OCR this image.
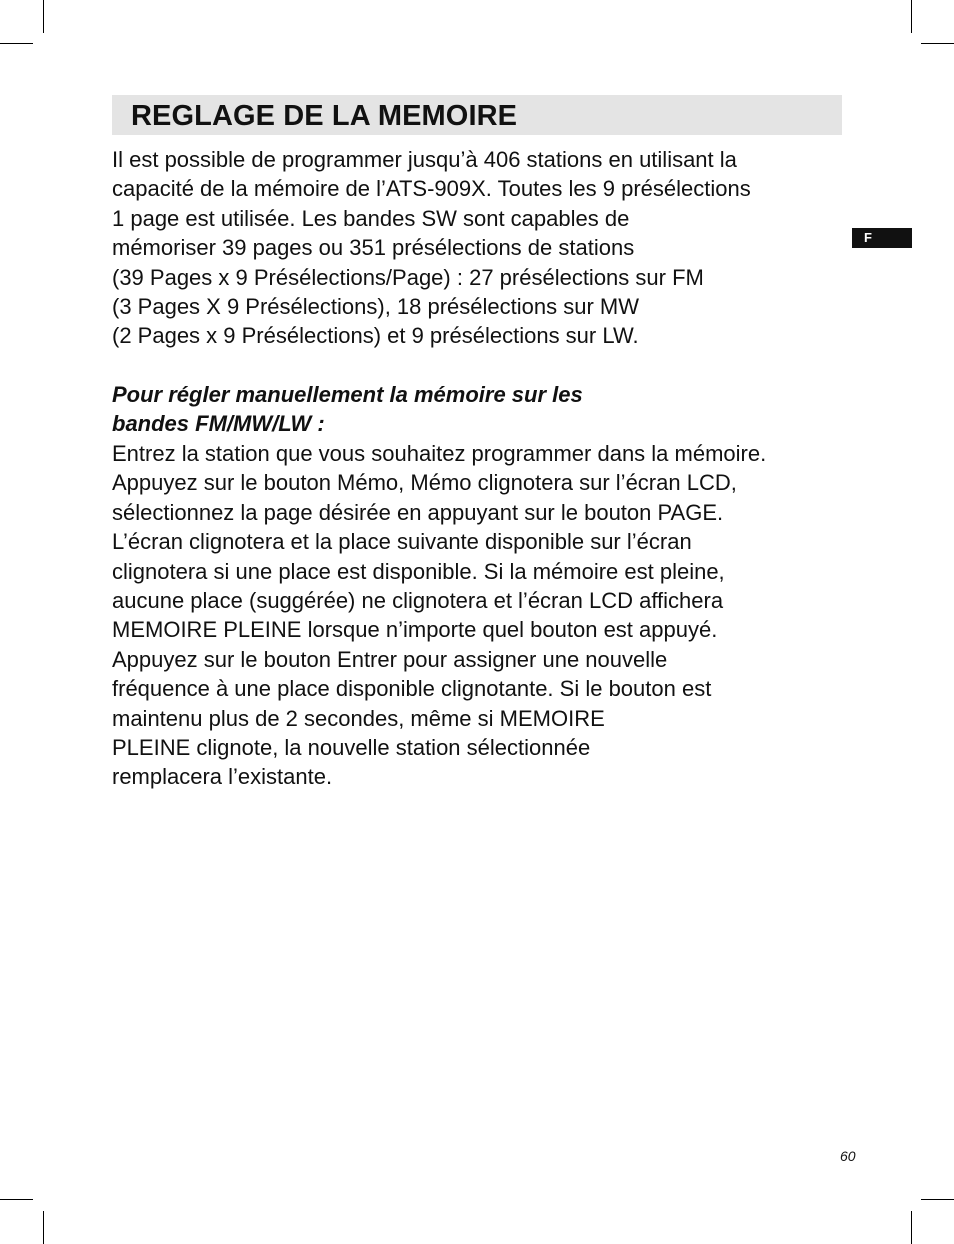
REGLAGE DE LA MEMOIRE
F
Il est possible de programmer jusqu’à 406 stations en utilisant la
capacité de la mémoire de l’ATS-909X. Toutes les 9 présélections
1 page est utilisée. Les bandes SW sont capables de
mémoriser 39 pages ou 351 présélections de stations
(39 Pages x 9 Présélections/Page) : 27 présélections sur FM
(3 Pages X 9 Présélections), 18 présélections sur MW
(2 Pages x 9 Présélections) et 9 présélections sur LW.
Pour régler manuellement la mémoire sur les
bandes FM/MW/LW :
Entrez la station que vous souhaitez programmer dans la mémoire.
Appuyez sur le bouton Mémo, Mémo clignotera sur l’écran LCD,
sélectionnez la page désirée en appuyant sur le bouton PAGE.
L’écran clignotera et la place suivante disponible sur l’écran
clignotera si une place est disponible. Si la mémoire est pleine,
aucune place (suggérée) ne clignotera et l’écran LCD affichera
MEMOIRE PLEINE lorsque n’importe quel bouton est appuyé.
Appuyez sur le bouton Entrer pour assigner une nouvelle
fréquence à une place disponible clignotante. Si le bouton est
maintenu plus de 2 secondes, même si MEMOIRE
PLEINE clignote, la nouvelle station sélectionnée
remplacera l’existante.
60
